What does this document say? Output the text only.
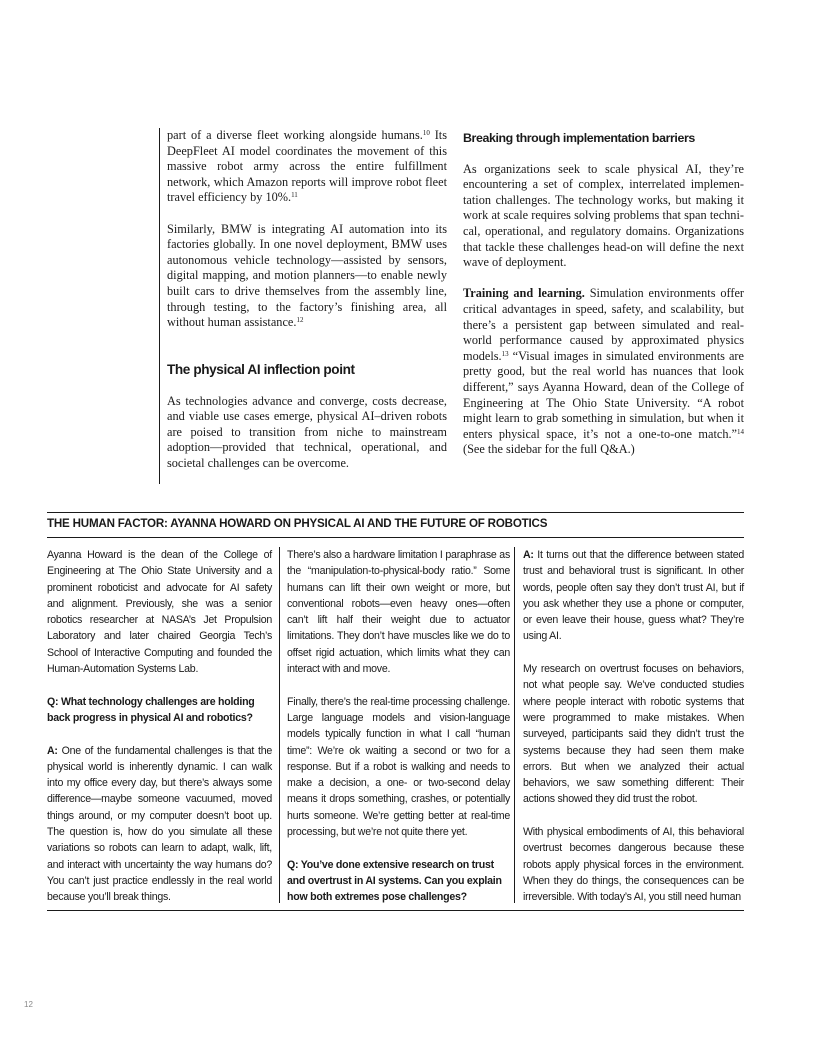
part of a diverse fleet working alongside humans.$^{10}$ Its DeepFleet AI model coordinates the movement of this massive robot army across the entire fulfillment network, which Amazon reports will improve robot fleet travel efficiency by 10%.$^{11}$

Similarly, BMW is integrating AI automation into its factories globally. In one novel deployment, BMW uses autonomous vehicle technology—assisted by sensors, digital mapping, and motion planners—to enable newly built cars to drive themselves from the assembly line, through testing, to the factory’s finishing area, all without human assistance.$^{12}$

The physical AI inflection point

As technologies advance and converge, costs decrease, and viable use cases emerge, physical AI–driven robots are poised to transition from niche to mainstream adoption—provided that technical, operational, and societal challenges can be overcome.

Breaking through implementation barriers

As organizations seek to scale physical AI, they’re encountering a set of complex, interrelated implementation challenges. The technology works, but making it work at scale requires solving problems that span technical, operational, and regulatory domains. Organizations that tackle these challenges head-on will define the next wave of deployment.

Training and learning. Simulation environments offer critical advantages in speed, safety, and scalability, but there’s a persistent gap between simulated and real-world performance caused by approximated physics models.$^{13}$ “Visual images in simulated environments are pretty good, but the real world has nuances that look different,” says Ayanna Howard, dean of the College of Engineering at The Ohio State University. “A robot might learn to grab something in simulation, but when it enters physical space, it’s not a one-to-one match.”$^{14}$ (See the sidebar for the full Q&A.)

THE HUMAN FACTOR: AYANNA HOWARD ON PHYSICAL AI AND THE FUTURE OF ROBOTICS

Ayanna Howard is the dean of the College of Engineering at The Ohio State University and a prominent roboticist and advocate for AI safety and alignment. Previously, she was a senior robotics researcher at NASA’s Jet Propulsion Laboratory and later chaired Georgia Tech’s School of Interactive Computing and founded the Human-Automation Systems Lab.

Q: What technology challenges are holding back progress in physical AI and robotics?

A: One of the fundamental challenges is that the physical world is inherently dynamic. I can walk into my office every day, but there’s always some difference—maybe someone vacuumed, moved things around, or my computer doesn’t boot up. The question is, how do you simulate all these variations so robots can learn to adapt, walk, lift, and interact with uncertainty the way humans do? You can’t just practice endlessly in the real world because you’ll break things.

There’s also a hardware limitation I paraphrase as the “manipulation-to-physical-body ratio.” Some humans can lift their own weight or more, but conventional robots—even heavy ones—often can’t lift half their weight due to actuator limitations. They don’t have muscles like we do to offset rigid actuation, which limits what they can interact with and move.

Finally, there’s the real-time processing challenge. Large language models and vision-language models typically function in what I call “human time”: We’re ok waiting a second or two for a response. But if a robot is walking and needs to make a decision, a one- or two-second delay means it drops something, crashes, or potentially hurts someone. We’re getting better at real-time processing, but we’re not quite there yet.

Q: You’ve done extensive research on trust and overtrust in AI systems. Can you explain how both extremes pose challenges?

A: It turns out that the difference between stated trust and behavioral trust is significant. In other words, people often say they don’t trust AI, but if you ask whether they use a phone or computer, or even leave their house, guess what? They’re using AI.

My research on overtrust focuses on behaviors, not what people say. We’ve conducted studies where people interact with robotic systems that were programmed to make mistakes. When surveyed, participants said they didn’t trust the systems because they had seen them make errors. But when we analyzed their actual behaviors, we saw something different: Their actions showed they did trust the robot.

With physical embodiments of AI, this behavioral overtrust becomes dangerous because these robots apply physical forces in the environment. When they do things, the consequences can be irreversible. With today’s AI, you still need human

12
